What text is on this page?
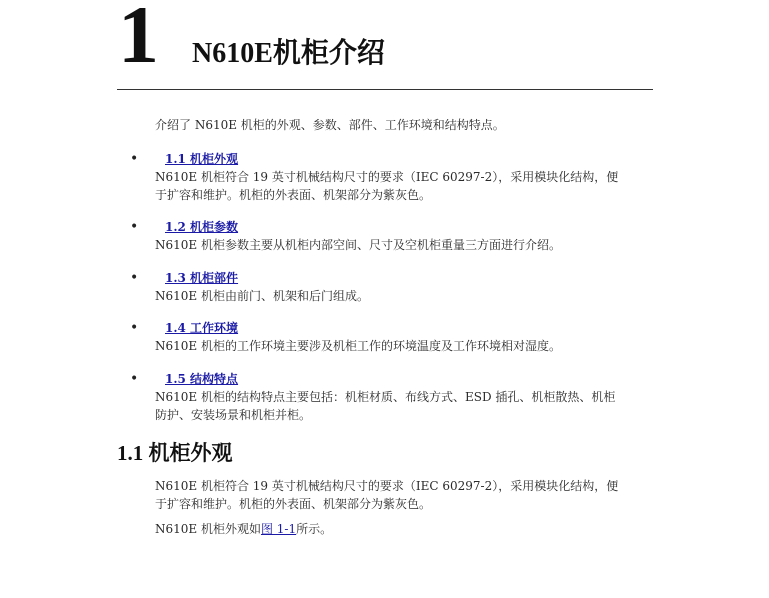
1 N610E机柜介绍
介绍了 N610E 机柜的外观、参数、部件、工作环境和结构特点。
• 1.1 机柜外观
N610E 机柜符合 19 英寸机械结构尺寸的要求（IEC 60297-2），采用模块化结构，便
于扩容和维护。机柜的外表面、机架部分为紫灰色。
• 1.2 机柜参数
N610E 机柜参数主要从机柜内部空间、尺寸及空机柜重量三方面进行介绍。
• 1.3 机柜部件
N610E 机柜由前门、机架和后门组成。
• 1.4 工作环境
N610E 机柜的工作环境主要涉及机柜工作的环境温度及工作环境相对湿度。
• 1.5 结构特点
N610E 机柜的结构特点主要包括：机柜材质、布线方式、ESD 插孔、机柜散热、机柜
防护、安装场景和机柜并柜。
1.1 机柜外观
N610E 机柜符合 19 英寸机械结构尺寸的要求（IEC 60297-2），采用模块化结构，便
于扩容和维护。机柜的外表面、机架部分为紫灰色。
N610E 机柜外观如图 1-1所示。
